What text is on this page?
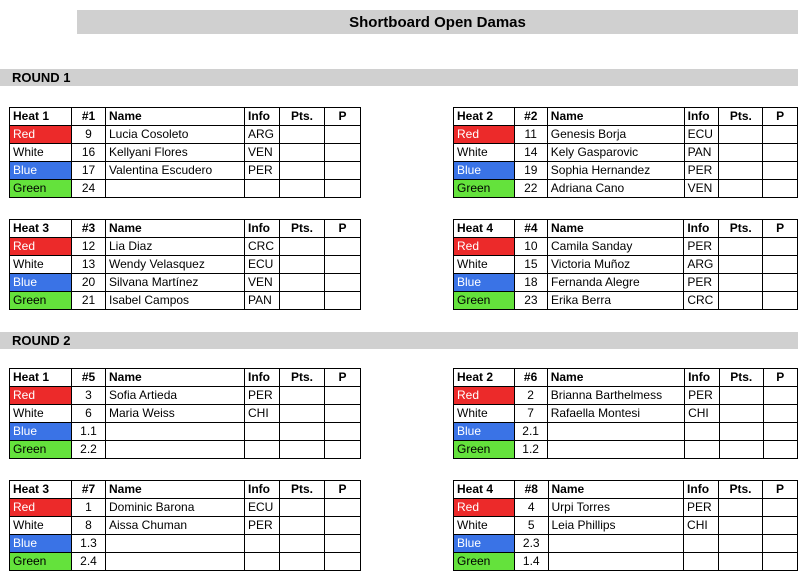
Shortboard Open Damas
ROUND 1
ROUND 2
Heat 1	#1	Name	Info	Pts.	P
Red	9	Lucia Cosoleto	ARG		
White	16	Kellyani Flores	VEN		
Blue	17	Valentina Escudero	PER		
Green	24				
Heat 2	#2	Name	Info	Pts.	P
Red	11	Genesis Borja	ECU		
White	14	Kely Gasparovic	PAN		
Blue	19	Sophia Hernandez	PER		
Green	22	Adriana Cano	VEN		
Heat 3	#3	Name	Info	Pts.	P
Red	12	Lia Diaz	CRC		
White	13	Wendy Velasquez	ECU		
Blue	20	Silvana Martínez	VEN		
Green	21	Isabel Campos	PAN		
Heat 4	#4	Name	Info	Pts.	P
Red	10	Camila Sanday	PER		
White	15	Victoria Muñoz	ARG		
Blue	18	Fernanda Alegre	PER		
Green	23	Erika Berra	CRC		
Heat 1	#5	Name	Info	Pts.	P
Red	3	Sofia Artieda	PER		
White	6	Maria Weiss	CHI		
Blue	1.1				
Green	2.2				
Heat 2	#6	Name	Info	Pts.	P
Red	2	Brianna Barthelmess	PER		
White	7	Rafaella Montesi	CHI		
Blue	2.1				
Green	1.2				
Heat 3	#7	Name	Info	Pts.	P
Red	1	Dominic Barona	ECU		
White	8	Aissa Chuman	PER		
Blue	1.3				
Green	2.4				
Heat 4	#8	Name	Info	Pts.	P
Red	4	Urpi Torres	PER		
White	5	Leia Phillips	CHI		
Blue	2.3				
Green	1.4				
